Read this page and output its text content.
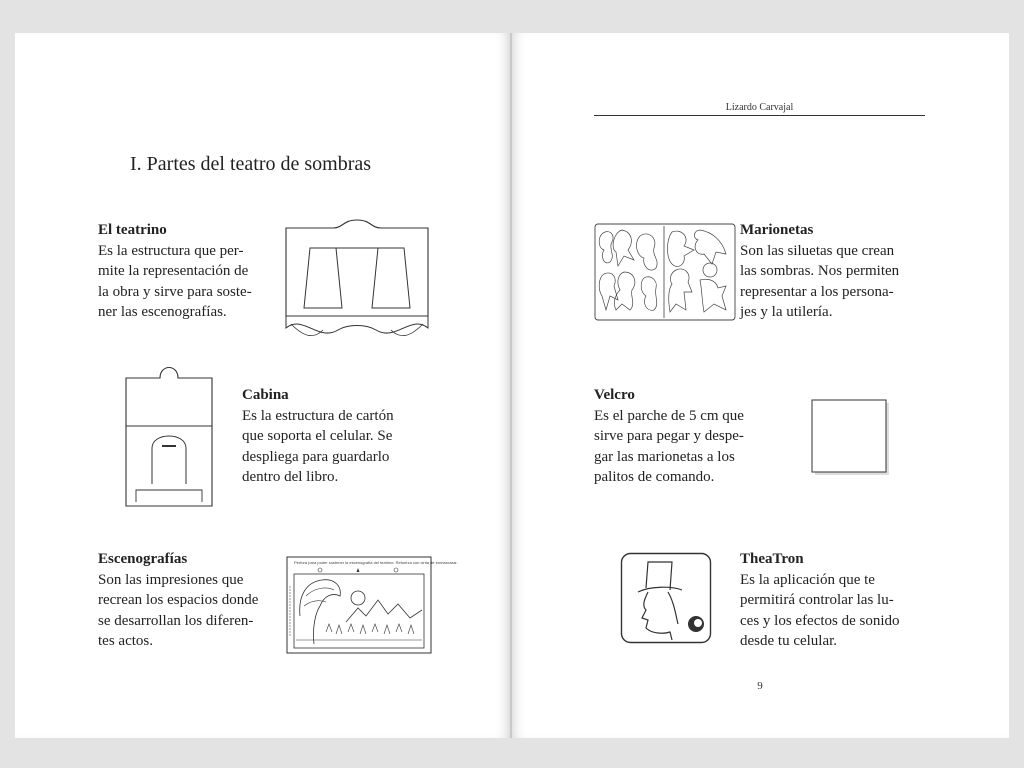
Lízardo Carvajal
I. Partes del teatro de sombras
El teatrino
Es la estructura que per-
mite la representación de
la obra y sirve para soste-
ner las escenografías.
Cabina
Es la estructura de cartón
que soporta el celular. Se
despliega para guardarlo
dentro del libro.
Escenografías
Son las impresiones que
recrean los espacios donde
se desarrollan los diferen-
tes actos.
Perfora para poder sostener la escenografía del teatrino. Refuerza con cinta de enmascarar.
Marionetas
Son las siluetas que crean
las sombras. Nos permiten
representar a los persona-
jes y la utilería.
Velcro
Es el parche de 5 cm que
sirve para pegar y despe-
gar las marionetas a los
palitos de comando.
TheaTron
Es la aplicación que te
permitirá controlar las lu-
ces y los efectos de sonido
desde tu celular.
9
